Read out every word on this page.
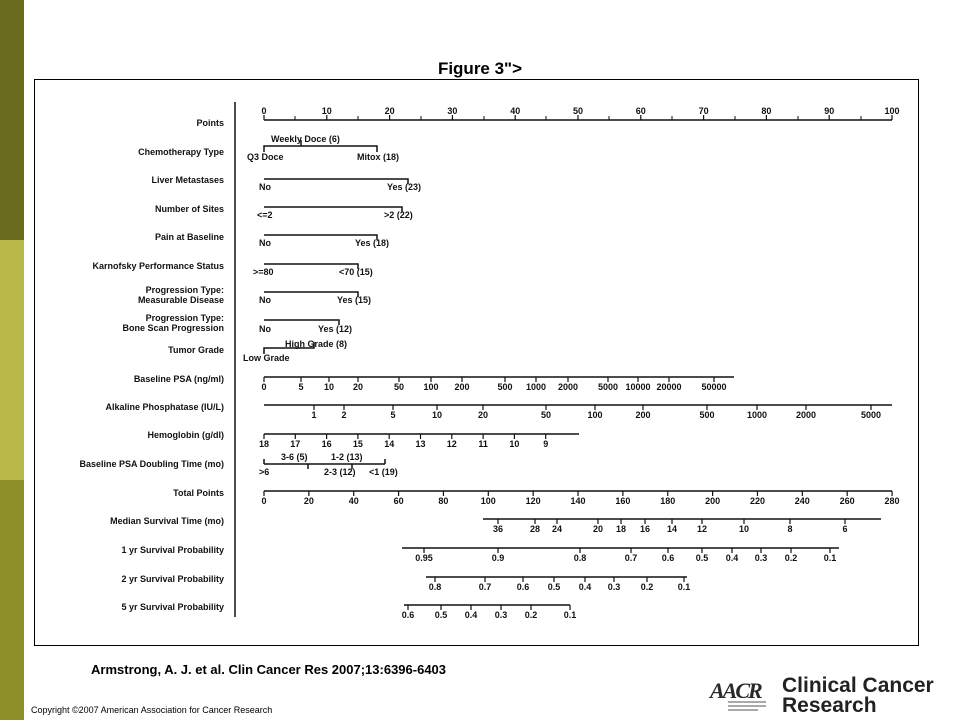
Figure 3">
Points
Chemotherapy Type
Liver Metastases
Number of Sites
Pain at Baseline
Karnofsky Performance Status
Progression Type:
Measurable Disease
Progression Type:
Bone Scan Progression
Tumor Grade
Baseline PSA (ng/ml)
Alkaline Phosphatase (IU/L)
Hemoglobin (g/dl)
Baseline PSA Doubling Time (mo)
Total Points
Median Survival Time (mo)
1 yr Survival Probability
2 yr Survival Probability
5 yr Survival Probability
0	10	20	30	40	50	60	70	80	90	100
0	5 10 20	50 100 200	500 1000 2000 5000 10000 20000 50000
1	2	5	10	20	50	100	200	500	1000	2000	5000
18 17 16 15 14 13 12 11 10	9
0	20	40	60	80	100	120	140	160	180	200	220	240	260	280
36	28 24	20 18 16 14 12	10	8	6
0.95	0.9	0.8	0.7	0.6 0.5 0.4 0.3 0.2	0.1
0.8	0.7	0.6 0.5 0.4 0.3 0.2	0.1
0.6 0.5 0.4 0.3 0.2	0.1
Weekly Doce (6)
Q3 Doce	Mitox (18)
No	Yes (23)
<=2	>2 (22)
No	Yes (18)
>=80	<70 (15)
No	Yes (15)
No	Yes (12)
High Grade (8)
Low Grade
3-6 (5)	1-2 (13)
>6	2-3 (12) <1 (19)
Armstrong, A. J. et al. Clin Cancer Res 2007;13:6396-6403
Copyright ©2007 American Association for Cancer Research
AACR Clinical Cancer Research
